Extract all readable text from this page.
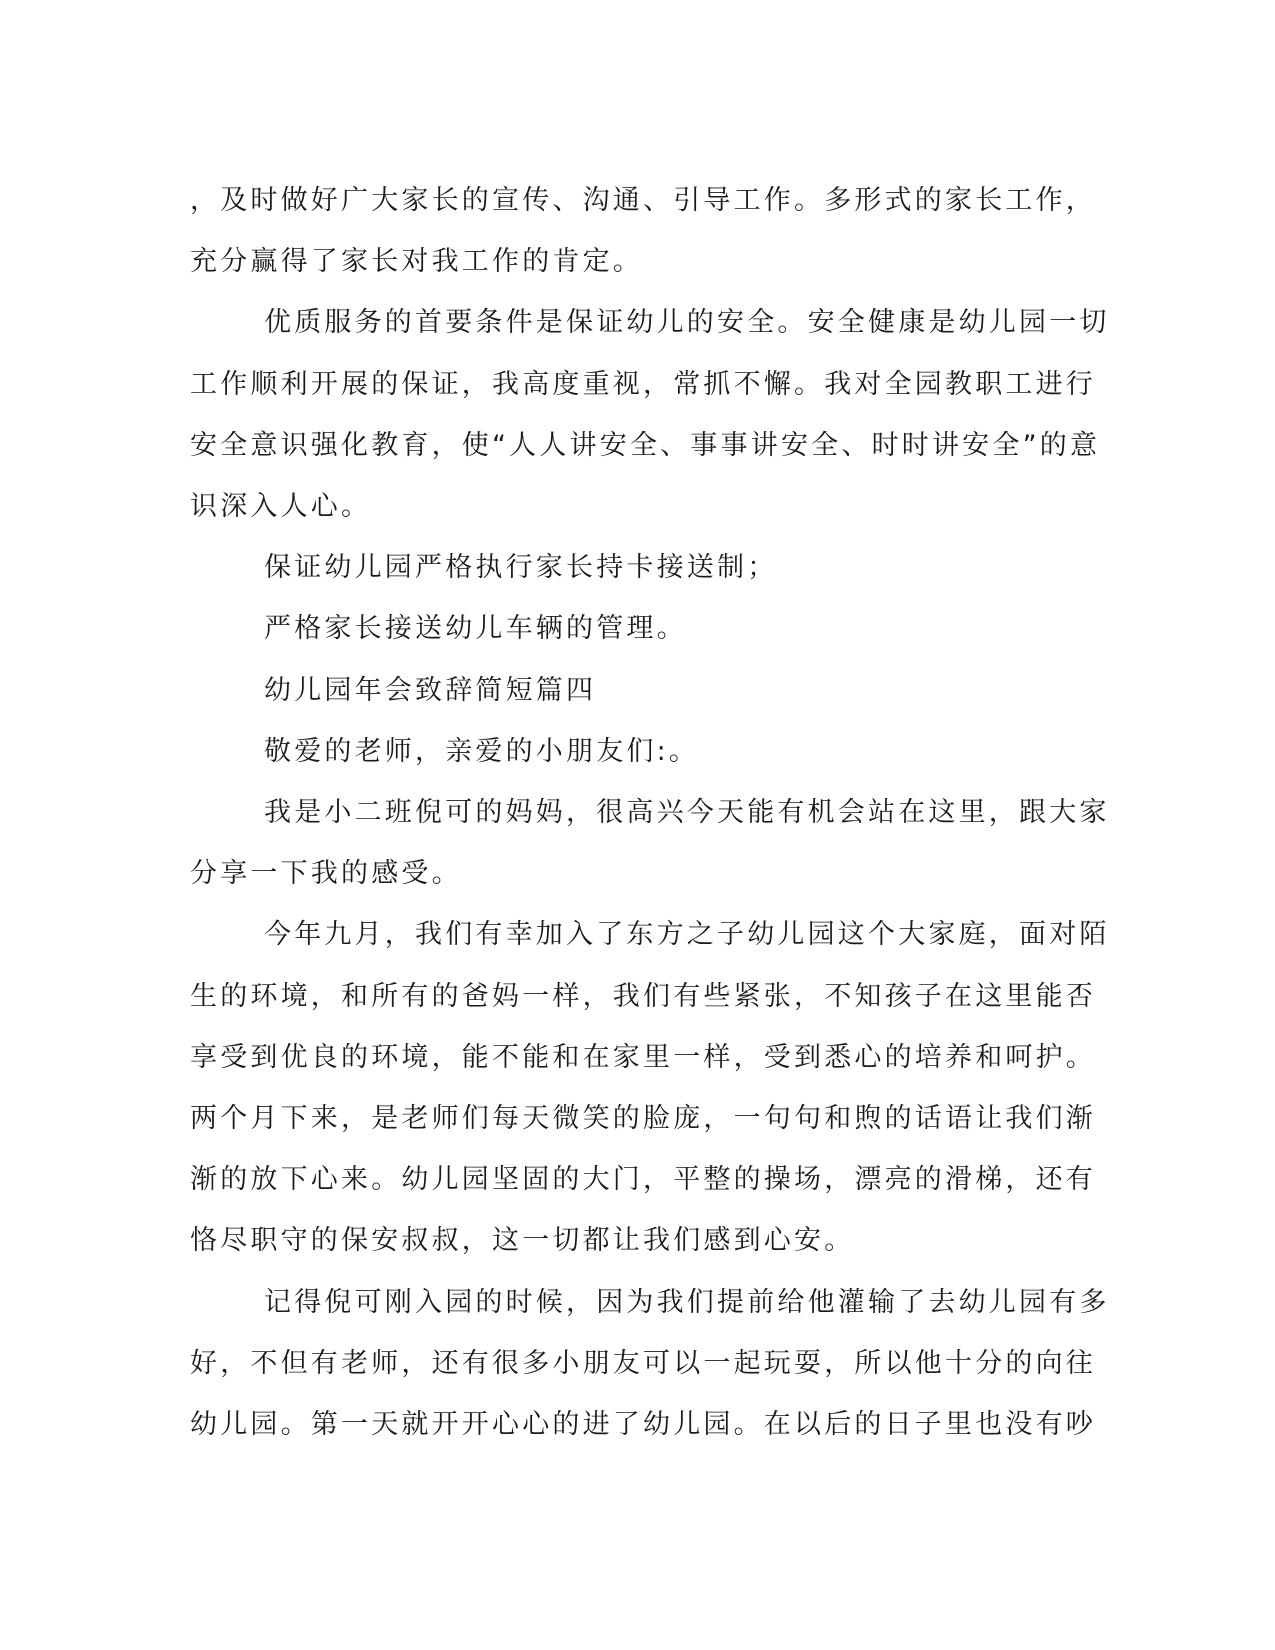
，及时做好广大家长的宣传、沟通、引导工作。多形式的家长工作，

充分赢得了家长对我工作的肯定。

优质服务的首要条件是保证幼儿的安全。安全健康是幼儿园一切

工作顺利开展的保证，我高度重视，常抓不懈。我对全园教职工进行

安全意识强化教育，使“人人讲安全、事事讲安全、时时讲安全”的意

识深入人心。

保证幼儿园严格执行家长持卡接送制；

严格家长接送幼儿车辆的管理。

幼儿园年会致辞简短篇四

敬爱的老师，亲爱的小朋友们:。

我是小二班倪可的妈妈，很高兴今天能有机会站在这里，跟大家

分享一下我的感受。

今年九月，我们有幸加入了东方之子幼儿园这个大家庭，面对陌

生的环境，和所有的爸妈一样，我们有些紧张，不知孩子在这里能否

享受到优良的环境，能不能和在家里一样，受到悉心的培养和呵护。

两个月下来，是老师们每天微笑的脸庞，一句句和煦的话语让我们渐

渐的放下心来。幼儿园坚固的大门，平整的操场，漂亮的滑梯，还有

恪尽职守的保安叔叔，这一切都让我们感到心安。

记得倪可刚入园的时候，因为我们提前给他灌输了去幼儿园有多

好，不但有老师，还有很多小朋友可以一起玩耍，所以他十分的向往

幼儿园。第一天就开开心心的进了幼儿园。在以后的日子里也没有吵
